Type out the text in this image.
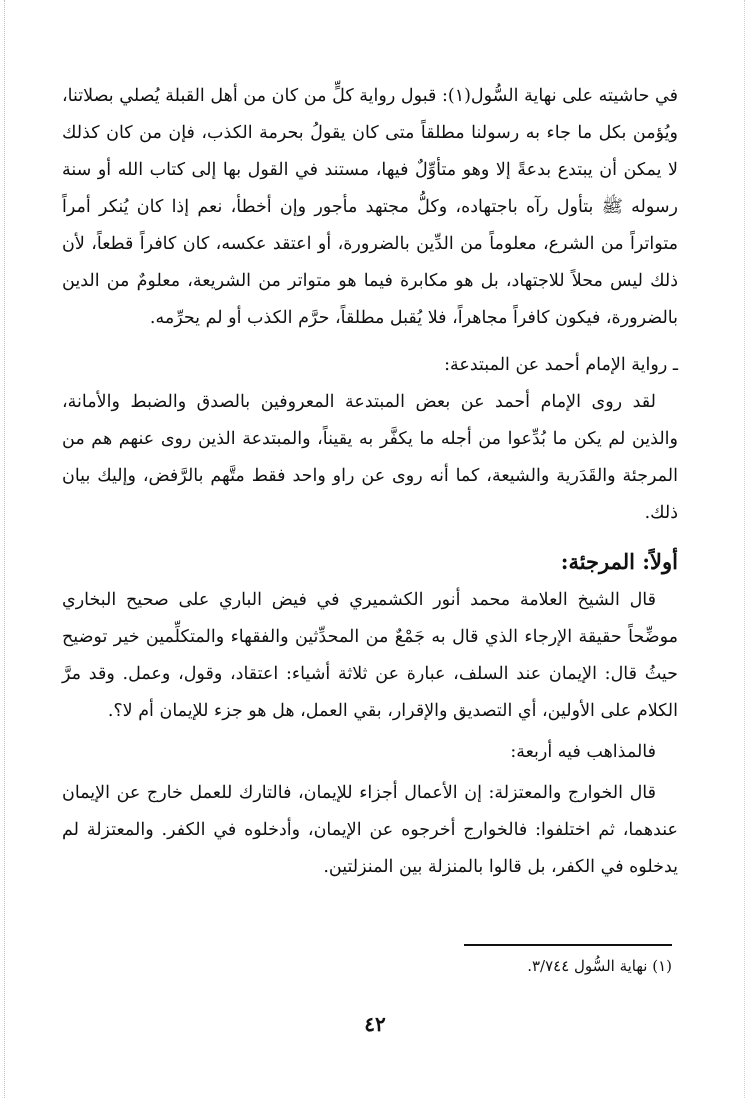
في حاشيته على نهاية السُّول(١): قبول رواية كلٍّ من كان من أهل القبلة يُصلي بصلاتنا، ويُؤمن بكل ما جاء به رسولنا مطلقاً متى كان يقولُ بحرمة الكذب، فإن من كان كذلك لا يمكن أن يبتدع بدعةً إلا وهو متأوِّلٌ فيها، مستند في القول بها إلى كتاب الله أو سنة رسوله ﷺ بتأول رآه باجتهاده، وكلُّ مجتهد مأجور وإن أخطأ، نعم إذا كان يُنكر أمراً متواتراً من الشرع، معلوماً من الدِّين بالضرورة، أو اعتقد عكسه، كان كافراً قطعاً، لأن ذلك ليس محلاً للاجتهاد، بل هو مكابرة فيما هو متواتر من الشريعة، معلومٌ من الدين بالضرورة، فيكون كافراً مجاهراً، فلا يُقبل مطلقاً، حرَّم الكذب أو لم يحرِّمه.

ـ رواية الإمام أحمد عن المبتدعة:

لقد روى الإمام أحمد عن بعض المبتدعة المعروفين بالصدق والضبط والأمانة، والذين لم يكن ما بُدِّعوا من أجله ما يكفَّر به يقيناً، والمبتدعة الذين روى عنهم هم من المرجئة والقَدَرية والشيعة، كما أنه روى عن راو واحد فقط متَّهم بالرَّفض، وإليك بيان ذلك.

أولاً: المرجئة:

قال الشيخ العلامة محمد أنور الكشميري في فيض الباري على صحيح البخاري موضِّحاً حقيقة الإرجاء الذي قال به جَمْعٌ من المحدِّثين والفقهاء والمتكلِّمين خير توضيح حيثُ قال: الإيمان عند السلف، عبارة عن ثلاثة أشياء: اعتقاد، وقول، وعمل. وقد مرَّ الكلام على الأولين، أي التصديق والإقرار، بقي العمل، هل هو جزء للإيمان أم لا؟.

فالمذاهب فيه أربعة:

قال الخوارج والمعتزلة: إن الأعمال أجزاء للإيمان، فالتارك للعمل خارج عن الإيمان عندهما، ثم اختلفوا: فالخوارج أخرجوه عن الإيمان، وأدخلوه في الكفر. والمعتزلة لم يدخلوه في الكفر، بل قالوا بالمنزلة بين المنزلتين.

(١) نهاية السُّول ٣/٧٤٤.
٤٢
